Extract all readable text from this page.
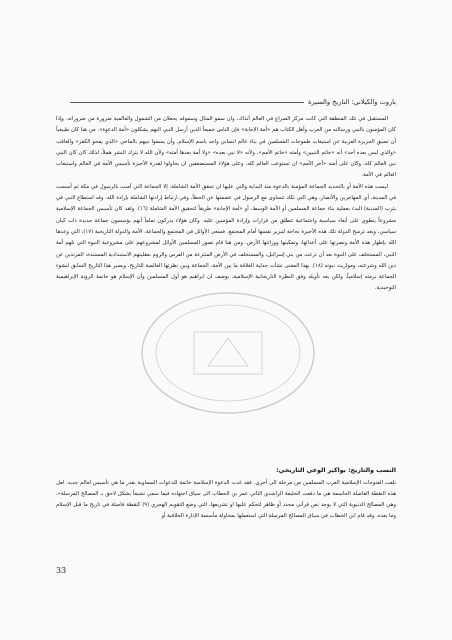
باروت والكيلاني: التاريخ والسيرة

المستقبل في تلك المنطقة التي كانت مركز الصراع في العالم آنذاك، وان سمو المثال وسموقه يجعلان من الشمول والعالمية ضرورة من ضروراته. وإذا كان المؤمنون بالنبي ورسالته من العرب وأهل الكتاب هم «أمة الإجابة» فإن الناس جميعاً الذين أرسل النبي اليهم يشكلون «أمة الدعوة». من هنا كان طبيعياً أن تضيق الجزيرة العربية عن استيعاب طموحات المسلمين في بناء عالم انساني واحد باسم الإسلام، وأن يسموا نبيهم بالماحي «الذي يمحو الكفر» والعاقب «والذي ليس بعده أحد» أنه «خاتم النبيين» وأمته «خاتم الأمم»، ولأنه «لا نبي بعده» «ولا أمة بعدها أمته» ولأن الله لا يترك البشر هملاً، لذلك كان كان النبي نبي العالم كله، وكان على أمته «آخر الأمم» ان تستوعب العالم كله. وعلى هؤلاء المستضعفين ان يحاولوا لقدرة الأخيرة تأسيس الأمة في العالم واستيعاب العالم في الأمة.

ليست هذه الأمة أو بالتحديد الجماعة المؤمنة بالدعوة منذ البداية والتي عليها ان تحقق الأمة الشاملة، إلا الجماعة التي آمنت بالرسول في مكة ثم أسست في المدينة، أي المهاجرين والأنصار، وهي التي تكاد تتساوى مع الرسول في عصمتها عن الخطأ، وفي ارتباط إرادتها الشاملة بإرادة الله. وقد استطاع النبي في يثرب (المدينة) البدء بعملية بناء جماعة المسلمين أو الأمة الوسط، أو «أمة الإجابة» طريقاً لتحقيق الأمة الشاملة (١٦). ولقد كان تأسيس الجماعة الإسلامية مشروعاً ينطوي على أبعاد سياسية واجتماعية تتطلق من قرارات وإرادة المؤمنين عليه. وكان هؤلاء يدركون تماماً أنهم يؤسسون جماعة جديدة ذات كيان سياسي، وبعد ترسخ الدولة تلك هذه الأخيرة بحاجة لتبرير نفسها أمام المجتمع. فسعى الأوائل في المجتمع والجماعة، الأمة والدولة التاريخية (١٧)، التي وعدها الله بإظهار هذه الأمة ونصرتها على أعدائها، وتمكينها ووراثتها الأرض. ومن هنا قام تصور المسلمين الأوائل لمشروعهم على مشروعية النبوة التي تلهم أمة النبي، المستخلف على النبوة بعد أن نزعت من بني إسرائيل، والمستخلف في الأرض المنتزعة من الفرس والروم بعقليتهم الاستبدادية المستبدة، المرتدين عن دين الله وشرعته، ومواريث نبوته (١٨). بهذا المعنى نشأت جدلية العلاقة ما بين الأمة، الجماعة وبين نظرتها العالمية للتاريخ، ويصير هذا التاريخ السابق لنشوء الجماعة برمته إسلامياً، ولكن بعد تأويله وفق النظرة التاريخانية الإسلامية، بوصف ان ابراهيم هو أول المسلمين وأن الإسلام هو خاتمة الرؤية الإبراهيمية التوحيدية.

النسب والتاريخ: بواكير الوعي التاريخي:

تلفت الفتوحات الإسلامية العرب المسلمين من مرحلة الى أخرى. فقد غدت الدعوة الإسلامية خاتمة للدعوات السماوية بقدر ما هي تأسيس لعالم جديد. لعل هذه النقطة الفاصلة الحاسمة هي ما دفعت الخليفة الراشدي الثاني عمر بن الخطاب الى سياق اجتهاده فيما سمي تشيعاً بشكل لاحق بـ المصالح المرسلة»، وهي المصالح الدنيوية التي لا يوجد نص قرآني محدد أو ظاهر لتحكم عليها او تشريعها، التي وضع التقويم الهجري (٩) كنقطة فاصلة في تاريخ ما قبل الإسلام وما بعده. وقد قام ابن الخطاب في سياق المصالح المرسلة التي استعملها بمحاولة مأسسة الإدارة الخلافية أو

33
